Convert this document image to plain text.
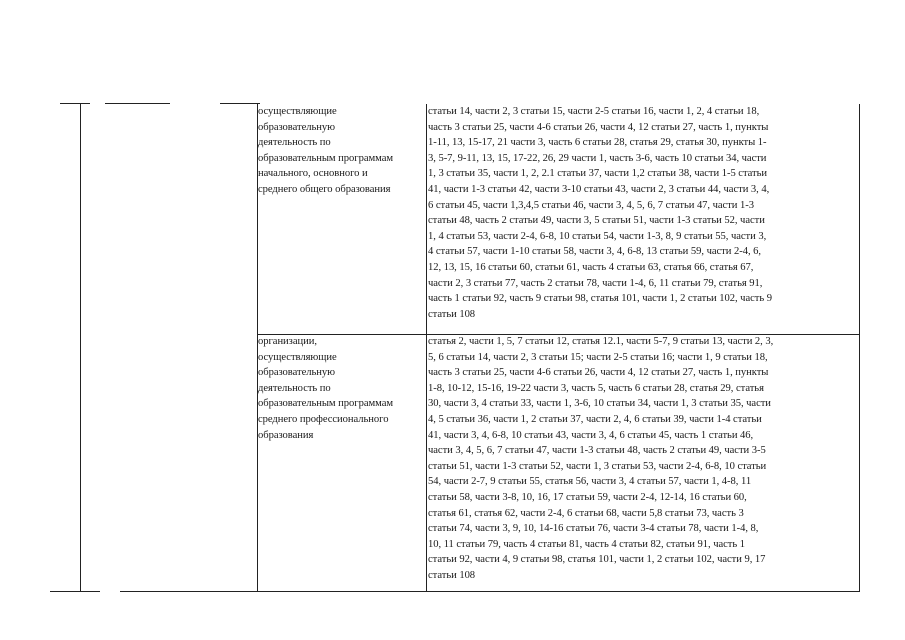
осуществляющие
образовательную
деятельность по
образовательным программам
начального, основного и
среднего общего образования
статьи 14, части 2, 3 статьи 15, части 2-5 статьи 16, части 1, 2, 4 статьи 18,
часть 3 статьи 25, части 4-6 статьи 26, части 4, 12 статьи 27, часть 1, пункты
1-11, 13, 15-17, 21 части 3, часть 6 статьи 28, статья 29, статья 30, пункты 1-
3, 5-7, 9-11, 13, 15, 17-22, 26, 29 части 1, часть 3-6, часть 10 статьи 34, части
1, 3 статьи 35, части 1, 2, 2.1 статьи 37, части 1,2 статьи 38, части 1-5 статьи
41, части 1-3 статьи 42, части 3-10 статьи 43, части 2, 3 статьи 44, части 3, 4,
6 статьи 45, части 1,3,4,5 статьи 46, части 3, 4, 5, 6, 7 статьи 47, части 1-3
статьи 48, часть 2 статьи 49, части 3, 5 статьи 51, части 1-3 статьи 52, части
1, 4 статьи 53, части 2-4, 6-8, 10 статьи 54, части 1-3, 8, 9 статьи 55, части 3,
4 статьи 57, части 1-10 статьи 58, части 3, 4, 6-8, 13 статьи 59, части 2-4, 6,
12, 13, 15, 16 статьи 60, статьи 61, часть 4 статьи 63, статья 66, статья 67,
части 2, 3 статьи 77, часть 2 статьи 78, части 1-4, 6, 11 статьи 79, статья 91,
часть 1 статьи 92, часть 9 статьи 98, статья 101, части 1, 2 статьи 102, часть 9
статьи 108
организации,
осуществляющие
образовательную
деятельность по
образовательным программам
среднего профессионального
образования
статья 2, части 1, 5, 7 статьи 12, статья 12.1, части 5-7, 9 статьи 13, части 2, 3,
5, 6 статьи 14, части 2, 3 статьи 15; части 2-5 статьи 16; части 1, 9 статьи 18,
часть 3 статьи 25, части 4-6 статьи 26, части 4, 12 статьи 27, часть 1, пункты
1-8, 10-12, 15-16, 19-22 части 3, часть 5, часть 6 статьи 28, статья 29, статья
30, части 3, 4 статьи 33, части 1, 3-6, 10 статьи 34, части 1, 3 статьи 35, части
4, 5 статьи 36, части 1, 2 статьи 37, части 2, 4, 6 статьи 39, части 1-4 статьи
41, части 3, 4, 6-8, 10 статьи 43, части 3, 4, 6 статьи 45, часть 1 статьи 46,
части 3, 4, 5, 6, 7 статьи 47, части 1-3 статьи 48, часть 2 статьи 49, части 3-5
статьи 51, части 1-3 статьи 52, части 1, 3 статьи 53, части 2-4, 6-8, 10 статьи
54, части 2-7, 9 статьи 55, статья 56, части 3, 4 статьи 57, части 1, 4-8, 11
статьи 58, части 3-8, 10, 16, 17 статьи 59, части 2-4, 12-14, 16 статьи 60,
статья 61, статья 62, части 2-4, 6 статьи 68, части 5,8 статьи 73, часть 3
статьи 74, части 3, 9, 10, 14-16 статьи 76, части 3-4 статьи 78, части 1-4, 8,
10, 11 статьи 79, часть 4 статьи 81, часть 4 статьи 82, статьи 91, часть 1
статьи 92, части 4, 9 статьи 98, статья 101, части 1, 2 статьи 102, части 9, 17
статьи 108
